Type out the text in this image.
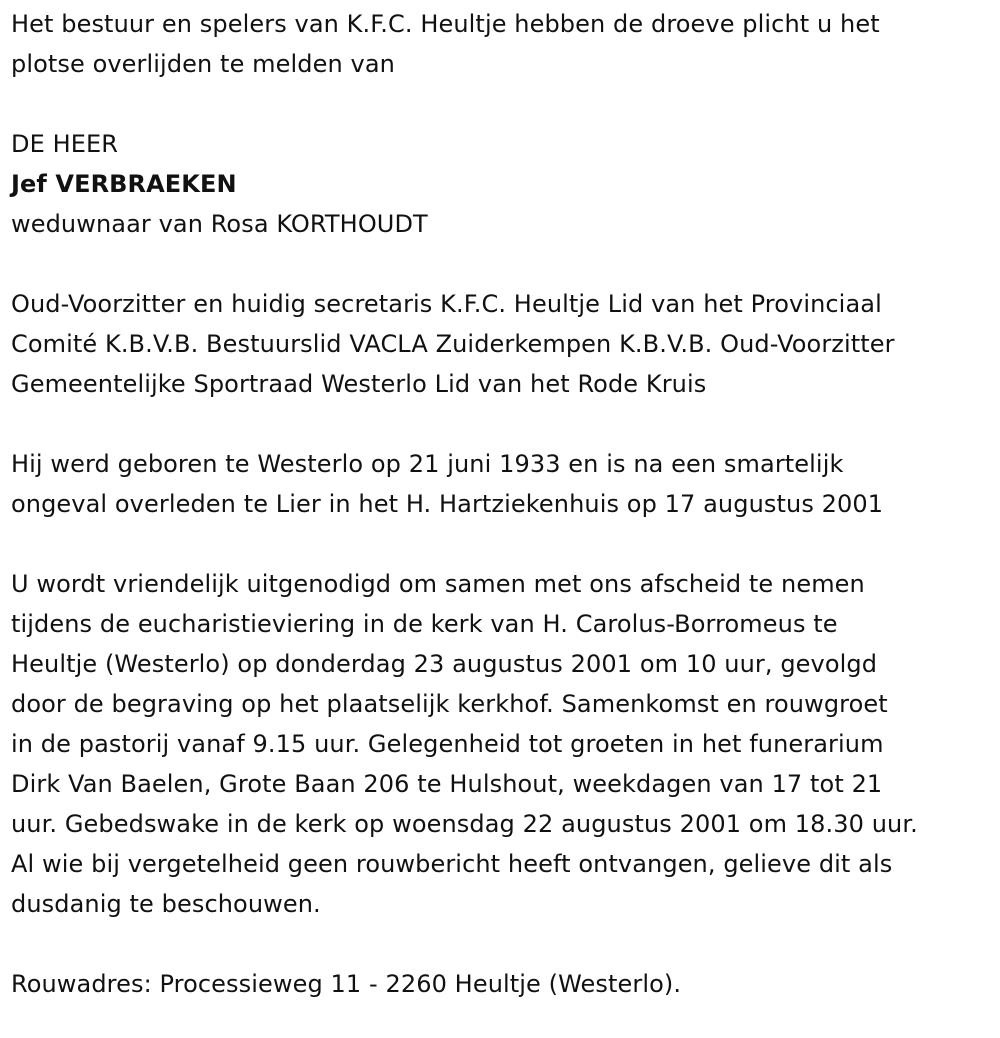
Het bestuur en spelers van K.F.C. Heultje hebben de droeve plicht u het
plotse overlijden te melden van

DE HEER

Jef VERBRAEKEN

weduwnaar van Rosa KORTHOUDT

Oud-Voorzitter en huidig secretaris K.F.C. Heultje Lid van het Provinciaal
Comité K.B.V.B. Bestuurslid VACLA Zuiderkempen K.B.V.B. Oud-Voorzitter
Gemeentelijke Sportraad Westerlo Lid van het Rode Kruis

Hij werd geboren te Westerlo op 21 juni 1933 en is na een smartelijk
ongeval overleden te Lier in het H. Hartziekenhuis op 17 augustus 2001

U wordt vriendelijk uitgenodigd om samen met ons afscheid te nemen
tijdens de eucharistieviering in de kerk van H. Carolus-Borromeus te
Heultje (Westerlo) op donderdag 23 augustus 2001 om 10 uur, gevolgd
door de begraving op het plaatselijk kerkhof. Samenkomst en rouwgroet
in de pastorij vanaf 9.15 uur. Gelegenheid tot groeten in het funerarium
Dirk Van Baelen, Grote Baan 206 te Hulshout, weekdagen van 17 tot 21
uur. Gebedswake in de kerk op woensdag 22 augustus 2001 om 18.30 uur.
Al wie bij vergetelheid geen rouwbericht heeft ontvangen, gelieve dit als
dusdanig te beschouwen.

Rouwadres: Processieweg 11 - 2260 Heultje (Westerlo).
